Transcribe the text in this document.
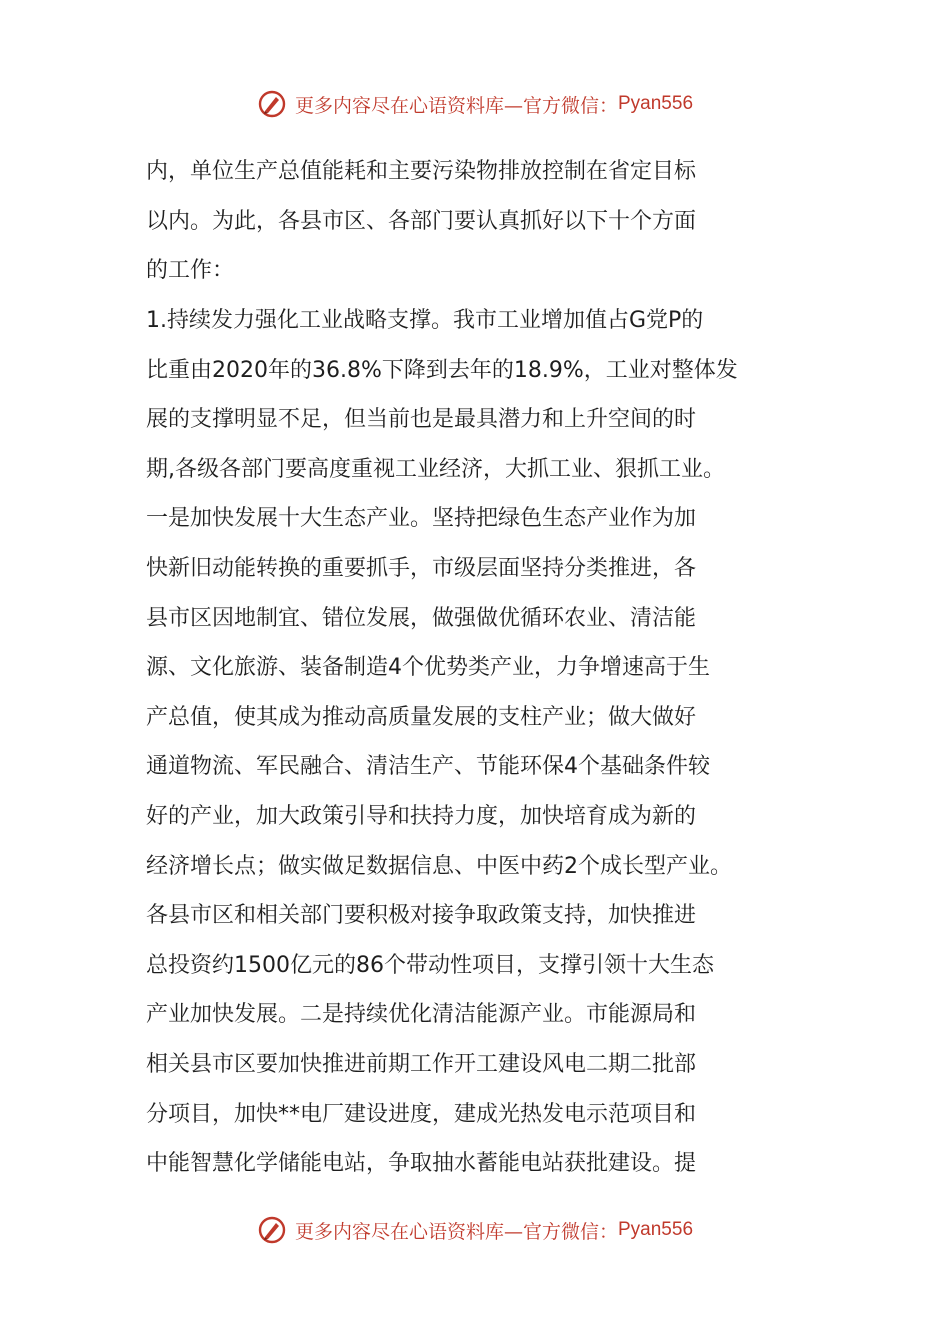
更多内容尽在心语资料库—官方微信： Pyan556
内，单位生产总值能耗和主要污染物排放控制在省定目标
以内。为此，各县市区、各部门要认真抓好以下十个方面
的工作：
1.持续发力强化工业战略支撑。我市工业增加值占G党P的
比重由2020年的36.8%下降到去年的18.9%，工业对整体发
展的支撑明显不足，但当前也是最具潜力和上升空间的时
期,各级各部门要高度重视工业经济，大抓工业、狠抓工业。
一是加快发展十大生态产业。坚持把绿色生态产业作为加
快新旧动能转换的重要抓手，市级层面坚持分类推进，各
县市区因地制宜、错位发展，做强做优循环农业、清洁能
源、文化旅游、装备制造4个优势类产业，力争增速高于生
产总值，使其成为推动高质量发展的支柱产业；做大做好
通道物流、军民融合、清洁生产、节能环保4个基础条件较
好的产业，加大政策引导和扶持力度，加快培育成为新的
经济增长点；做实做足数据信息、中医中药2个成长型产业。
各县市区和相关部门要积极对接争取政策支持，加快推进
总投资约1500亿元的86个带动性项目，支撑引领十大生态
产业加快发展。二是持续优化清洁能源产业。市能源局和
相关县市区要加快推进前期工作开工建设风电二期二批部
分项目，加快**电厂建设进度，建成光热发电示范项目和
中能智慧化学储能电站，争取抽水蓄能电站获批建设。提
更多内容尽在心语资料库—官方微信： Pyan556
